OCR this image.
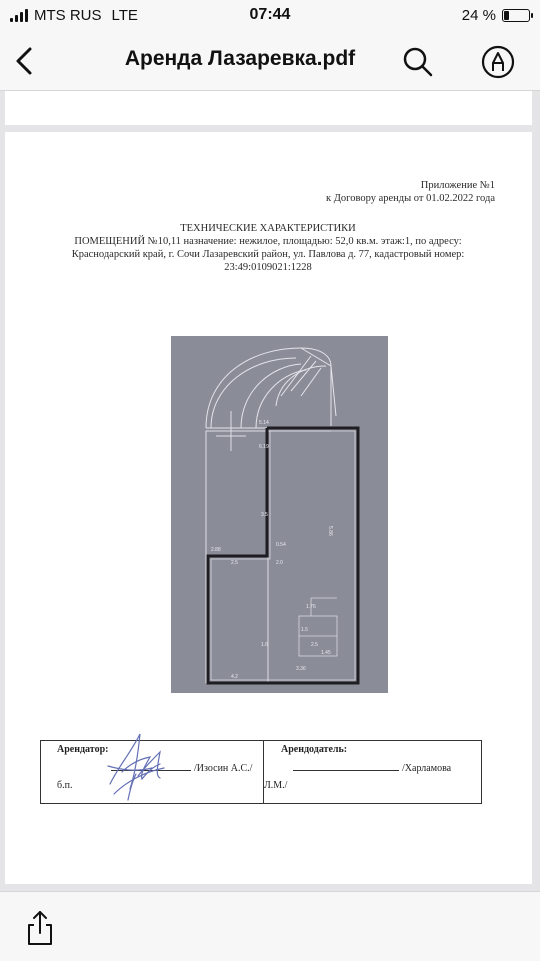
MTS RUS LTE	07:44	24 %
Аренда Лазаревка.pdf
Приложение №1
к Договору аренды от 01.02.2022 года
ТЕХНИЧЕСКИЕ ХАРАКТЕРИСТИКИ
ПОМЕЩЕНИЙ №10,11 назначение: нежилое, площадью: 52,0 кв.м. этаж:1, по адресу:
Краснодарский край, г. Сочи Лазаревский район, ул. Павлова д. 77, кадастровый номер:
23:49:0109021:1228
5.14
6.19
3.5
5.86
2.88
2.5	2.0
0.54
1.76
1.5
2.5
1.45
3.36
4.2
1.6
Арендатор:
/Изосин А.С./
б.п.
Арендодатель:
/Харламова
Л.М./
